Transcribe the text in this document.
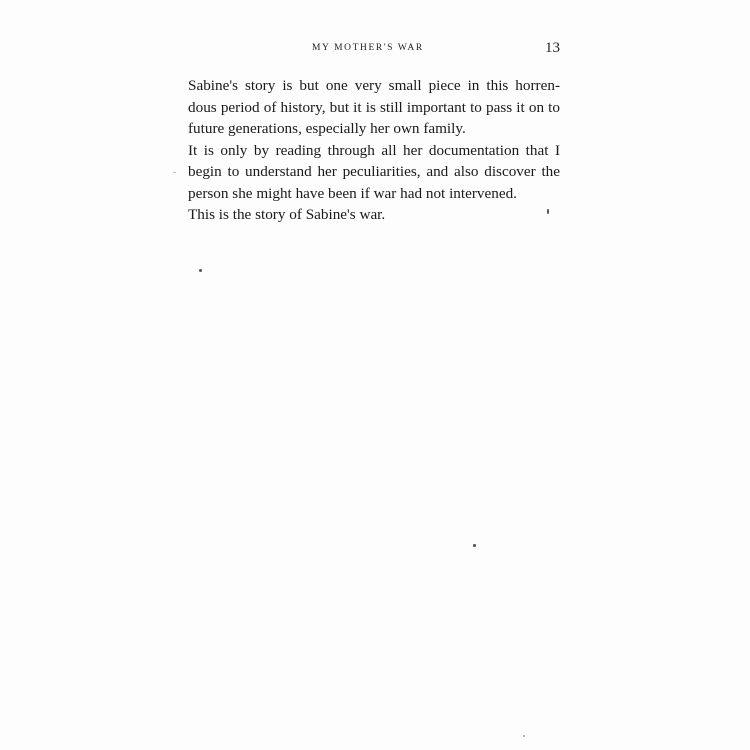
MY MOTHER'S WAR	13
Sabine's story is but one very small piece in this horren-
dous period of history, but it is still important to pass it on to
future generations, especially her own family.
It is only by reading through all her documentation that I
begin to understand her peculiarities, and also discover the
person she might have been if war had not intervened.
This is the story of Sabine's war.
